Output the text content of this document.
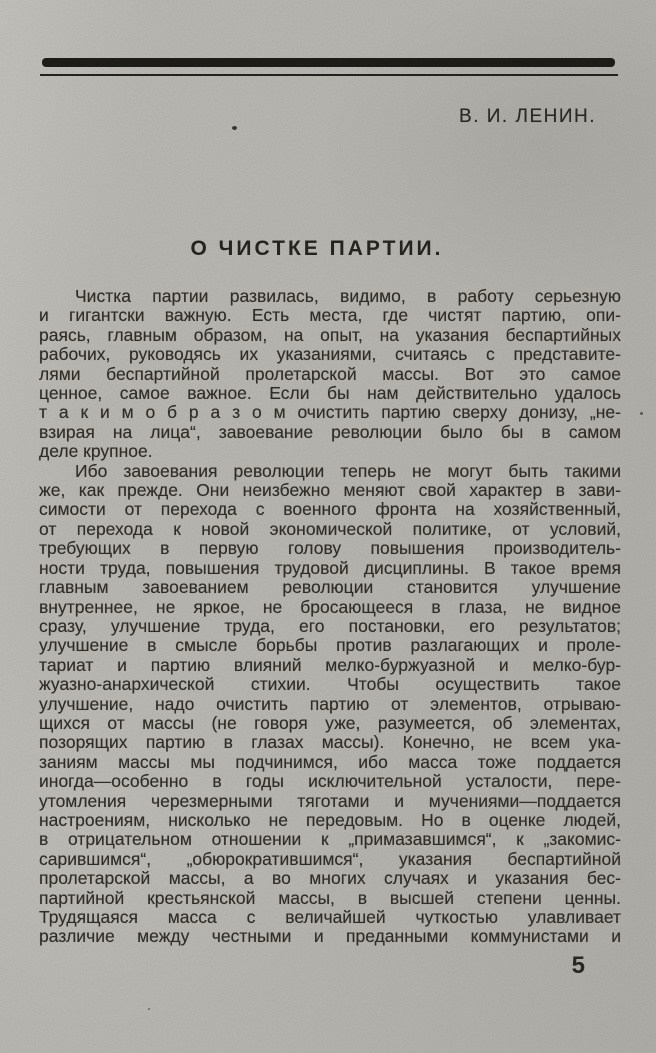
В. И. ЛЕНИН.
О ЧИСТКЕ ПАРТИИ.
Чистка партии развилась, видимо, в работу серьезную
и гигантски важную. Есть места, где чистят партию, опи-
раясь, главным образом, на опыт, на указания беспартийных
рабочих, руководясь их указаниями, считаясь с представите-
лями беспартийной пролетарской массы. Вот это самое
ценное, самое важное. Если бы нам действительно удалось
т а к и м о б р а з о м очистить партию сверху донизу, „не-
взирая на лица“, завоевание революции было бы в самом
деле крупное.
Ибо завоевания революции теперь не могут быть такими
же, как прежде. Они неизбежно меняют свой характер в зави-
симости от перехода с военного фронта на хозяйственный,
от перехода к новой экономической политике, от условий,
требующих в первую голову повышения производитель-
ности труда, повышения трудовой дисциплины. В такое время
главным завоеванием революции становится улучшение
внутреннее, не яркое, не бросающееся в глаза, не видное
сразу, улучшение труда, его постановки, его результатов;
улучшение в смысле борьбы против разлагающих и проле-
тариат и партию влияний мелко-буржуазной и мелко-бур-
жуазно-анархической стихии. Чтобы осуществить такое
улучшение, надо очистить партию от элементов, отрываю-
щихся от массы (не говоря уже, разумеется, об элементах,
позорящих партию в глазах массы). Конечно, не всем ука-
заниям массы мы подчинимся, ибо масса тоже поддается
иногда—особенно в годы исключительной усталости, пере-
утомления черезмерными тяготами и мучениями—поддается
настроениям, нисколько не передовым. Но в оценке людей,
в отрицательном отношении к „примазавшимся“, к „закомис-
сарившимся“, „обюрократившимся“, указания беспартийной
пролетарской массы, а во многих случаях и указания бес-
партийной крестьянской массы, в высшей степени ценны.
Трудящаяся масса с величайшей чуткостью улавливает
различие между честными и преданными коммунистами и
5
